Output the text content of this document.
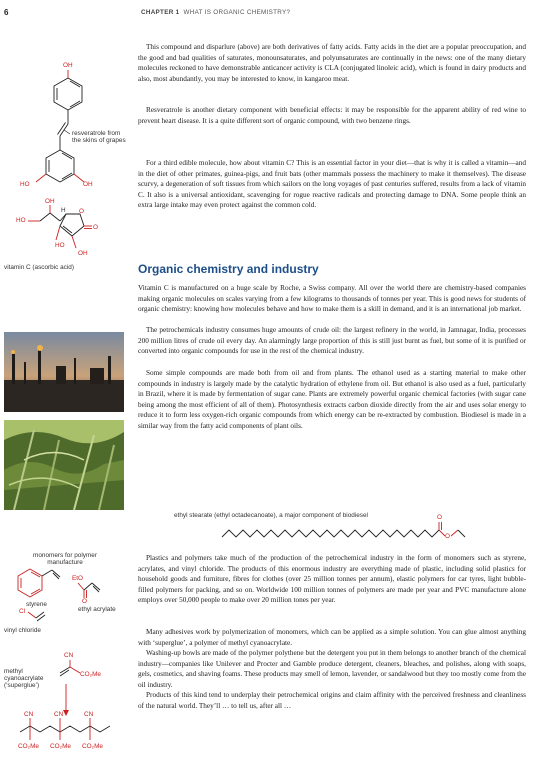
6	CHAPTER 1 WHAT IS ORGANIC CHEMISTRY?

This compound and disparlure (above) are both derivatives of fatty acids. Fatty acids in the diet are a popular preoccupation, and the good and bad qualities of saturates, monounsaturates, and polyunsaturates are continually in the news: one of the many dietary molecules reckoned to have demonstrable anticancer activity is CLA (conjugated linoleic acid), which is found in dairy products and also, most abundantly, you may be interested to know, in kangaroo meat.

Resveratrole is another dietary component with beneficial effects: it may be responsible for the apparent ability of red wine to prevent heart disease. It is a quite different sort of organic compound, with two benzene rings.

For a third edible molecule, how about vitamin C? This is an essential factor in your diet—that is why it is called a vitamin—and in the diet of other primates, guinea-pigs, and fruit bats (other mammals possess the machinery to make it themselves). The disease scurvy, a degeneration of soft tissues from which sailors on the long voyages of past centuries suffered, results from a lack of vitamin C. It also is a universal antioxidant, scavenging for rogue reactive radicals and protecting damage to DNA. Some people think an extra large intake may even protect against the common cold.

Organic chemistry and industry

Vitamin C is manufactured on a huge scale by Roche, a Swiss company. All over the world there are chemistry-based companies making organic molecules on scales varying from a few kilograms to thousands of tonnes per year. This is good news for students of organic chemistry: knowing how molecules behave and how to make them is a skill in demand, and it is an international job market.

The petrochemicals industry consumes huge amounts of crude oil: the largest refinery in the world, in Jamnagar, India, processes 200 million litres of crude oil every day. An alarmingly large proportion of this is still just burnt as fuel, but some of it is purified or converted into organic compounds for use in the rest of the chemical industry.

Some simple compounds are made both from oil and from plants. The ethanol used as a starting material to make other compounds in industry is largely made by the catalytic hydration of ethylene from oil. But ethanol is also used as a fuel, particularly in Brazil, where it is made by fermentation of sugar cane. Plants are extremely powerful organic chemical factories (with sugar cane being among the most efficient of all of them). Photosynthesis extracts carbon dioxide directly from the air and uses solar energy to reduce it to form less oxygen-rich organic compounds from which energy can be re-extracted by combustion. Biodiesel is made in a similar way from the fatty acid components of plant oils.

ethyl stearate (ethyl octadecanoate), a major component of biodiesel	O
O

Plastics and polymers take much of the production of the petrochemical industry in the form of monomers such as styrene, acrylates, and vinyl chloride. The products of this enormous industry are everything made of plastic, including solid plastics for household goods and furniture, fibres for clothes (over 25 million tonnes per annum), elastic polymers for car tyres, light bubble-filled polymers for packing, and so on. Worldwide 100 million tonnes of polymers are made per year and PVC manufacture alone employs over 50,000 people to make over 20 million tones per year.

Many adhesives work by polymerization of monomers, which can be applied as a simple solution. You can glue almost anything with ‘superglue’, a polymer of methyl cyanoacrylate.

Washing-up bowls are made of the polymer polythene but the detergent you put in them belongs to another branch of the chemical industry—companies like Unilever and Procter and Gamble produce detergent, cleaners, bleaches, and polishes, along with soaps, gels, cosmetics, and shaving foams. These products may smell of lemon, lavender, or sandalwood but they too mostly come from the oil industry.

Products of this kind tend to underplay their petrochemical origins and claim affinity with the perceived freshness and cleanliness of the natural world. They’ll … to tell us, after all …

OH
HO	OH
resveratrole from the skins of grapes
HO
OH
H O
O
HO
OH
vitamin C (ascorbic acid)
monomers for polymer manufacture
EtO
styrene	O
ethyl acrylate
Cl
vinyl chloride
CN
CO₂Me
methyl cyanoacrylate (‘superglue’)
CN	CN	CN
CO₂Me CO₂Me CO₂Me
